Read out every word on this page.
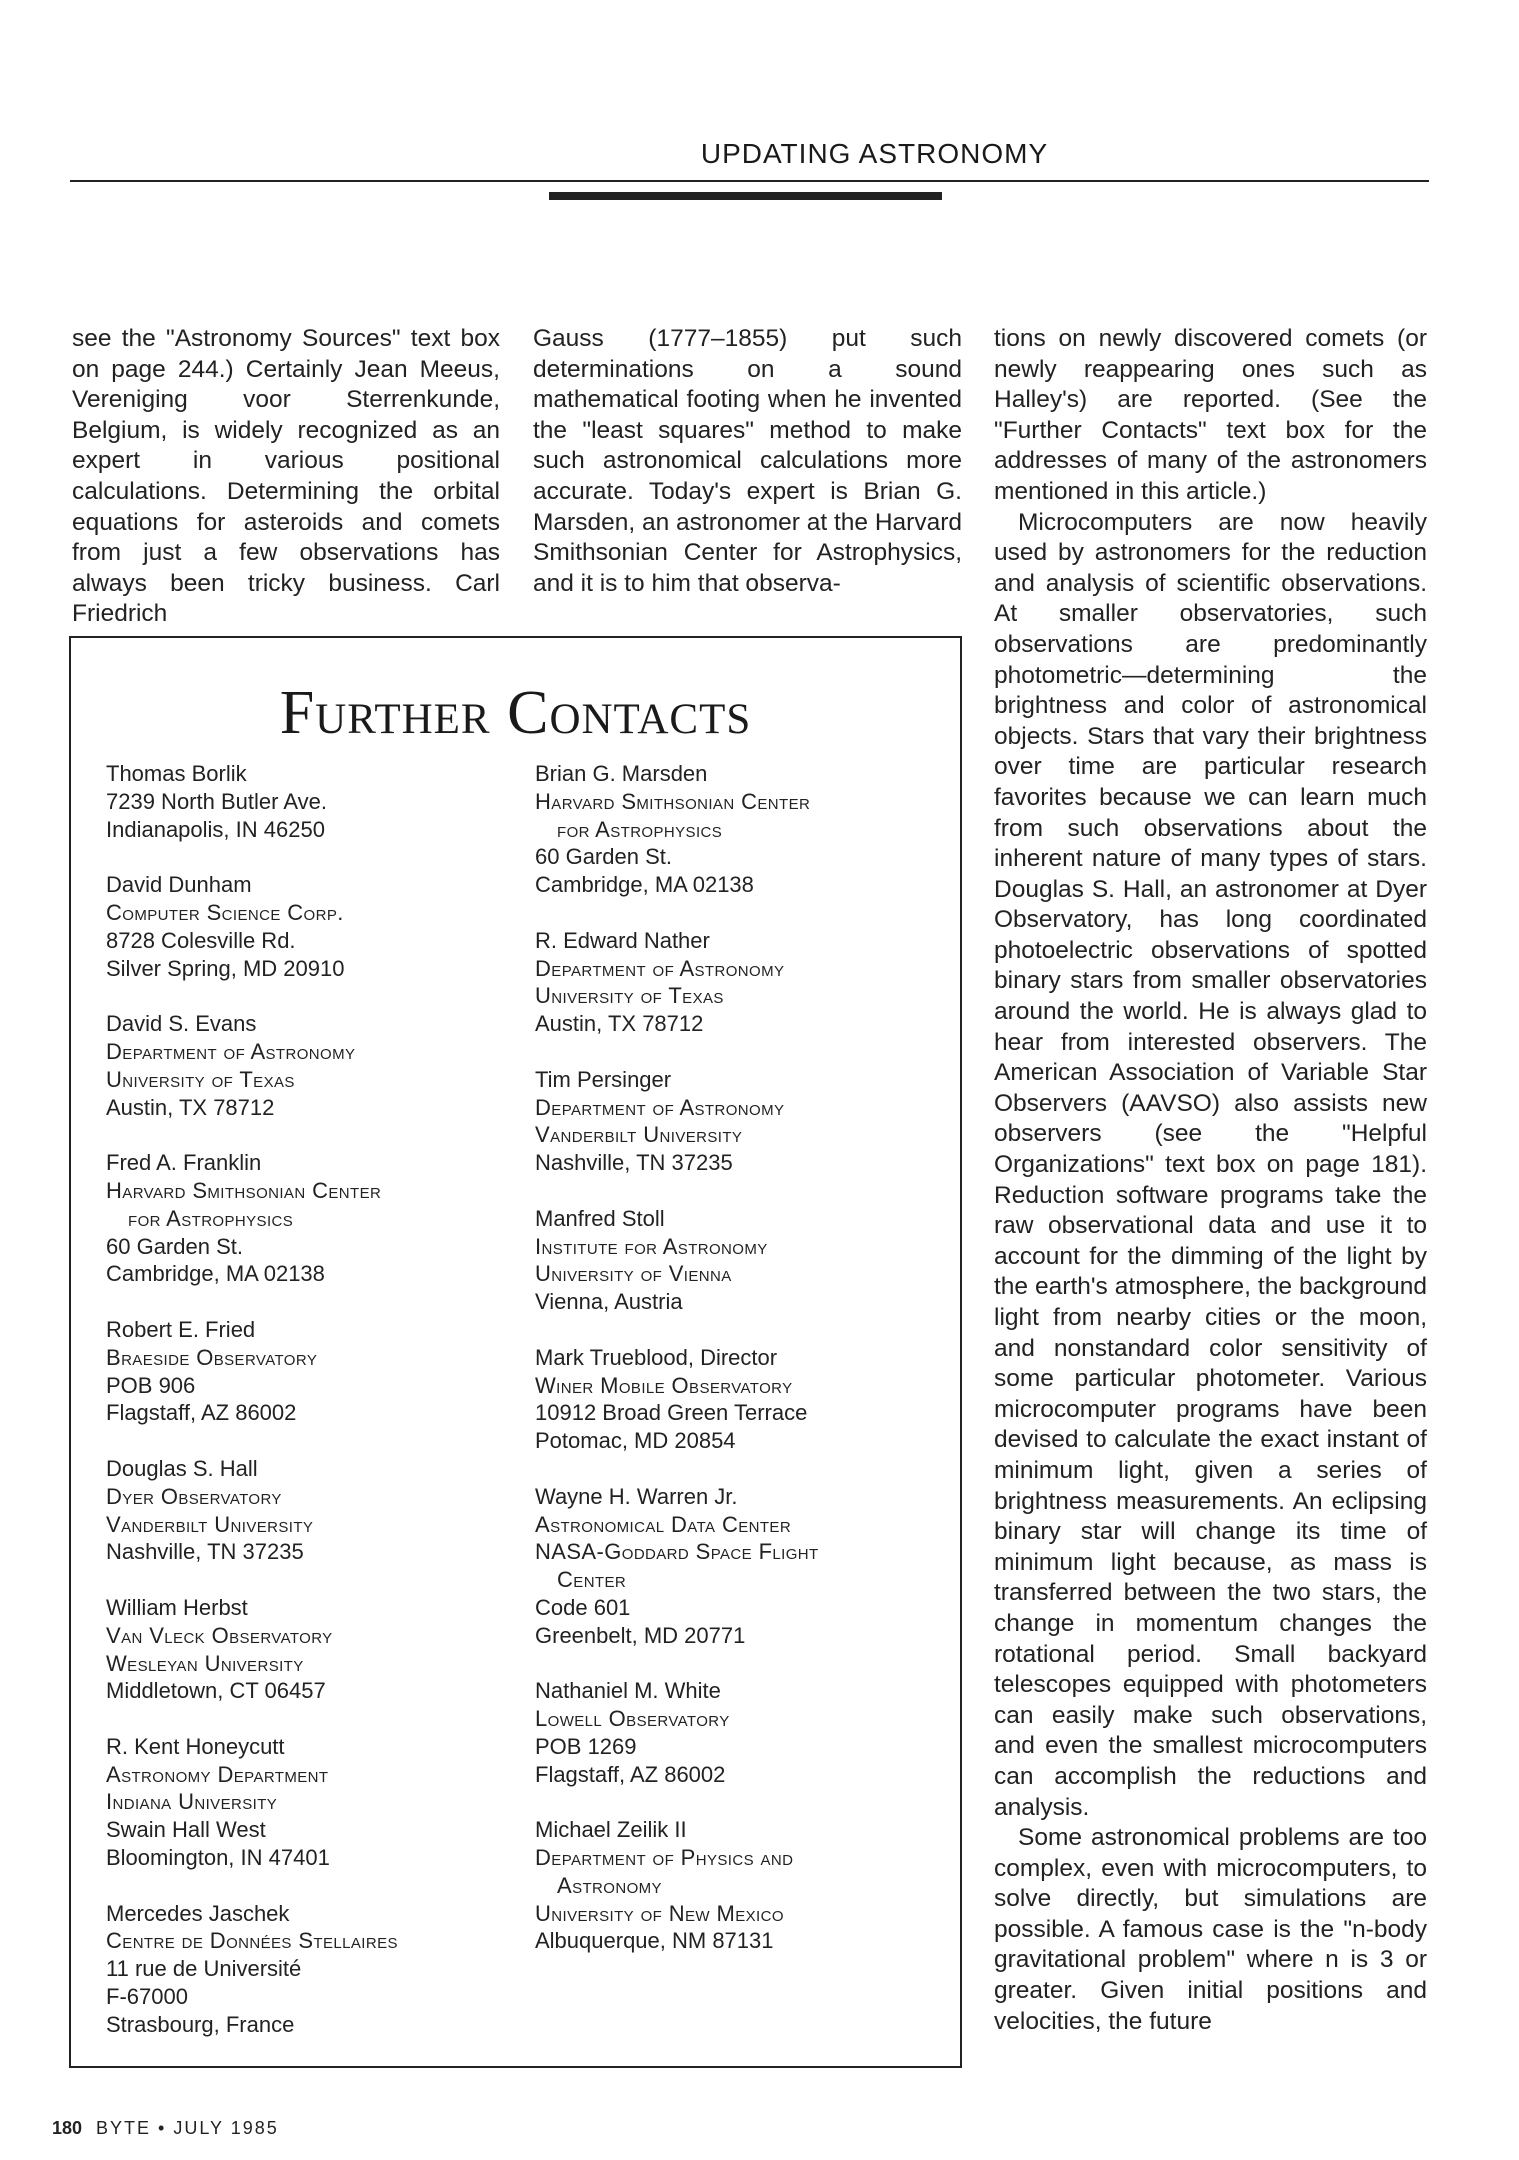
UPDATING ASTRONOMY

see the "Astronomy Sources" text box on page 244.) Certainly Jean Meeus, Vereniging voor Sterrenkunde, Belgium, is widely recognized as an expert in various positional calculations. Determining the orbital equations for asteroids and comets from just a few observations has always been tricky business. Carl Friedrich

Gauss (1777–1855) put such determinations on a sound mathematical footing when he invented the "least squares" method to make such astronomical calculations more accurate. Today's expert is Brian G. Marsden, an astronomer at the Harvard Smithsonian Center for Astrophysics, and it is to him that observa-

tions on newly discovered comets (or newly reappearing ones such as Halley's) are reported. (See the "Further Contacts" text box for the addresses of many of the astronomers mentioned in this article.)

Microcomputers are now heavily used by astronomers for the reduction and analysis of scientific observations. At smaller observatories, such observations are predominantly photometric—determining the brightness and color of astronomical objects. Stars that vary their brightness over time are particular research favorites because we can learn much from such observations about the inherent nature of many types of stars. Douglas S. Hall, an astronomer at Dyer Observatory, has long coordinated photoelectric observations of spotted binary stars from smaller observatories around the world. He is always glad to hear from interested observers. The American Association of Variable Star Observers (AAVSO) also assists new observers (see the "Helpful Organizations" text box on page 181). Reduction software programs take the raw observational data and use it to account for the dimming of the light by the earth's atmosphere, the background light from nearby cities or the moon, and nonstandard color sensitivity of some particular photometer. Various microcomputer programs have been devised to calculate the exact instant of minimum light, given a series of brightness measurements. An eclipsing binary star will change its time of minimum light because, as mass is transferred between the two stars, the change in momentum changes the rotational period. Small backyard telescopes equipped with photometers can easily make such observations, and even the smallest microcomputers can accomplish the reductions and analysis.

Some astronomical problems are too complex, even with microcomputers, to solve directly, but simulations are possible. A famous case is the "n-body gravitational problem" where n is 3 or greater. Given initial positions and velocities, the future

Further Contacts
Thomas Borlik
7239 North Butler Ave.
Indianapolis, IN 46250
David Dunham
Computer Science Corp.
8728 Colesville Rd.
Silver Spring, MD 20910
David S. Evans
Department of Astronomy
University of Texas
Austin, TX 78712
Fred A. Franklin
Harvard Smithsonian Center
for Astrophysics
60 Garden St.
Cambridge, MA 02138
Robert E. Fried
Braeside Observatory
POB 906
Flagstaff, AZ 86002
Douglas S. Hall
Dyer Observatory
Vanderbilt University
Nashville, TN 37235
William Herbst
Van Vleck Observatory
Wesleyan University
Middletown, CT 06457
R. Kent Honeycutt
Astronomy Department
Indiana University
Swain Hall West
Bloomington, IN 47401
Mercedes Jaschek
Centre de Données Stellaires
11 rue de Université
F-67000
Strasbourg, France
Brian G. Marsden
Harvard Smithsonian Center
for Astrophysics
60 Garden St.
Cambridge, MA 02138
R. Edward Nather
Department of Astronomy
University of Texas
Austin, TX 78712
Tim Persinger
Department of Astronomy
Vanderbilt University
Nashville, TN 37235
Manfred Stoll
Institute for Astronomy
University of Vienna
Vienna, Austria
Mark Trueblood, Director
Winer Mobile Observatory
10912 Broad Green Terrace
Potomac, MD 20854
Wayne H. Warren Jr.
Astronomical Data Center
NASA-Goddard Space Flight
Center
Code 601
Greenbelt, MD 20771
Nathaniel M. White
Lowell Observatory
POB 1269
Flagstaff, AZ 86002
Michael Zeilik II
Department of Physics and
Astronomy
University of New Mexico
Albuquerque, NM 87131
180 BYTE • JULY 1985
